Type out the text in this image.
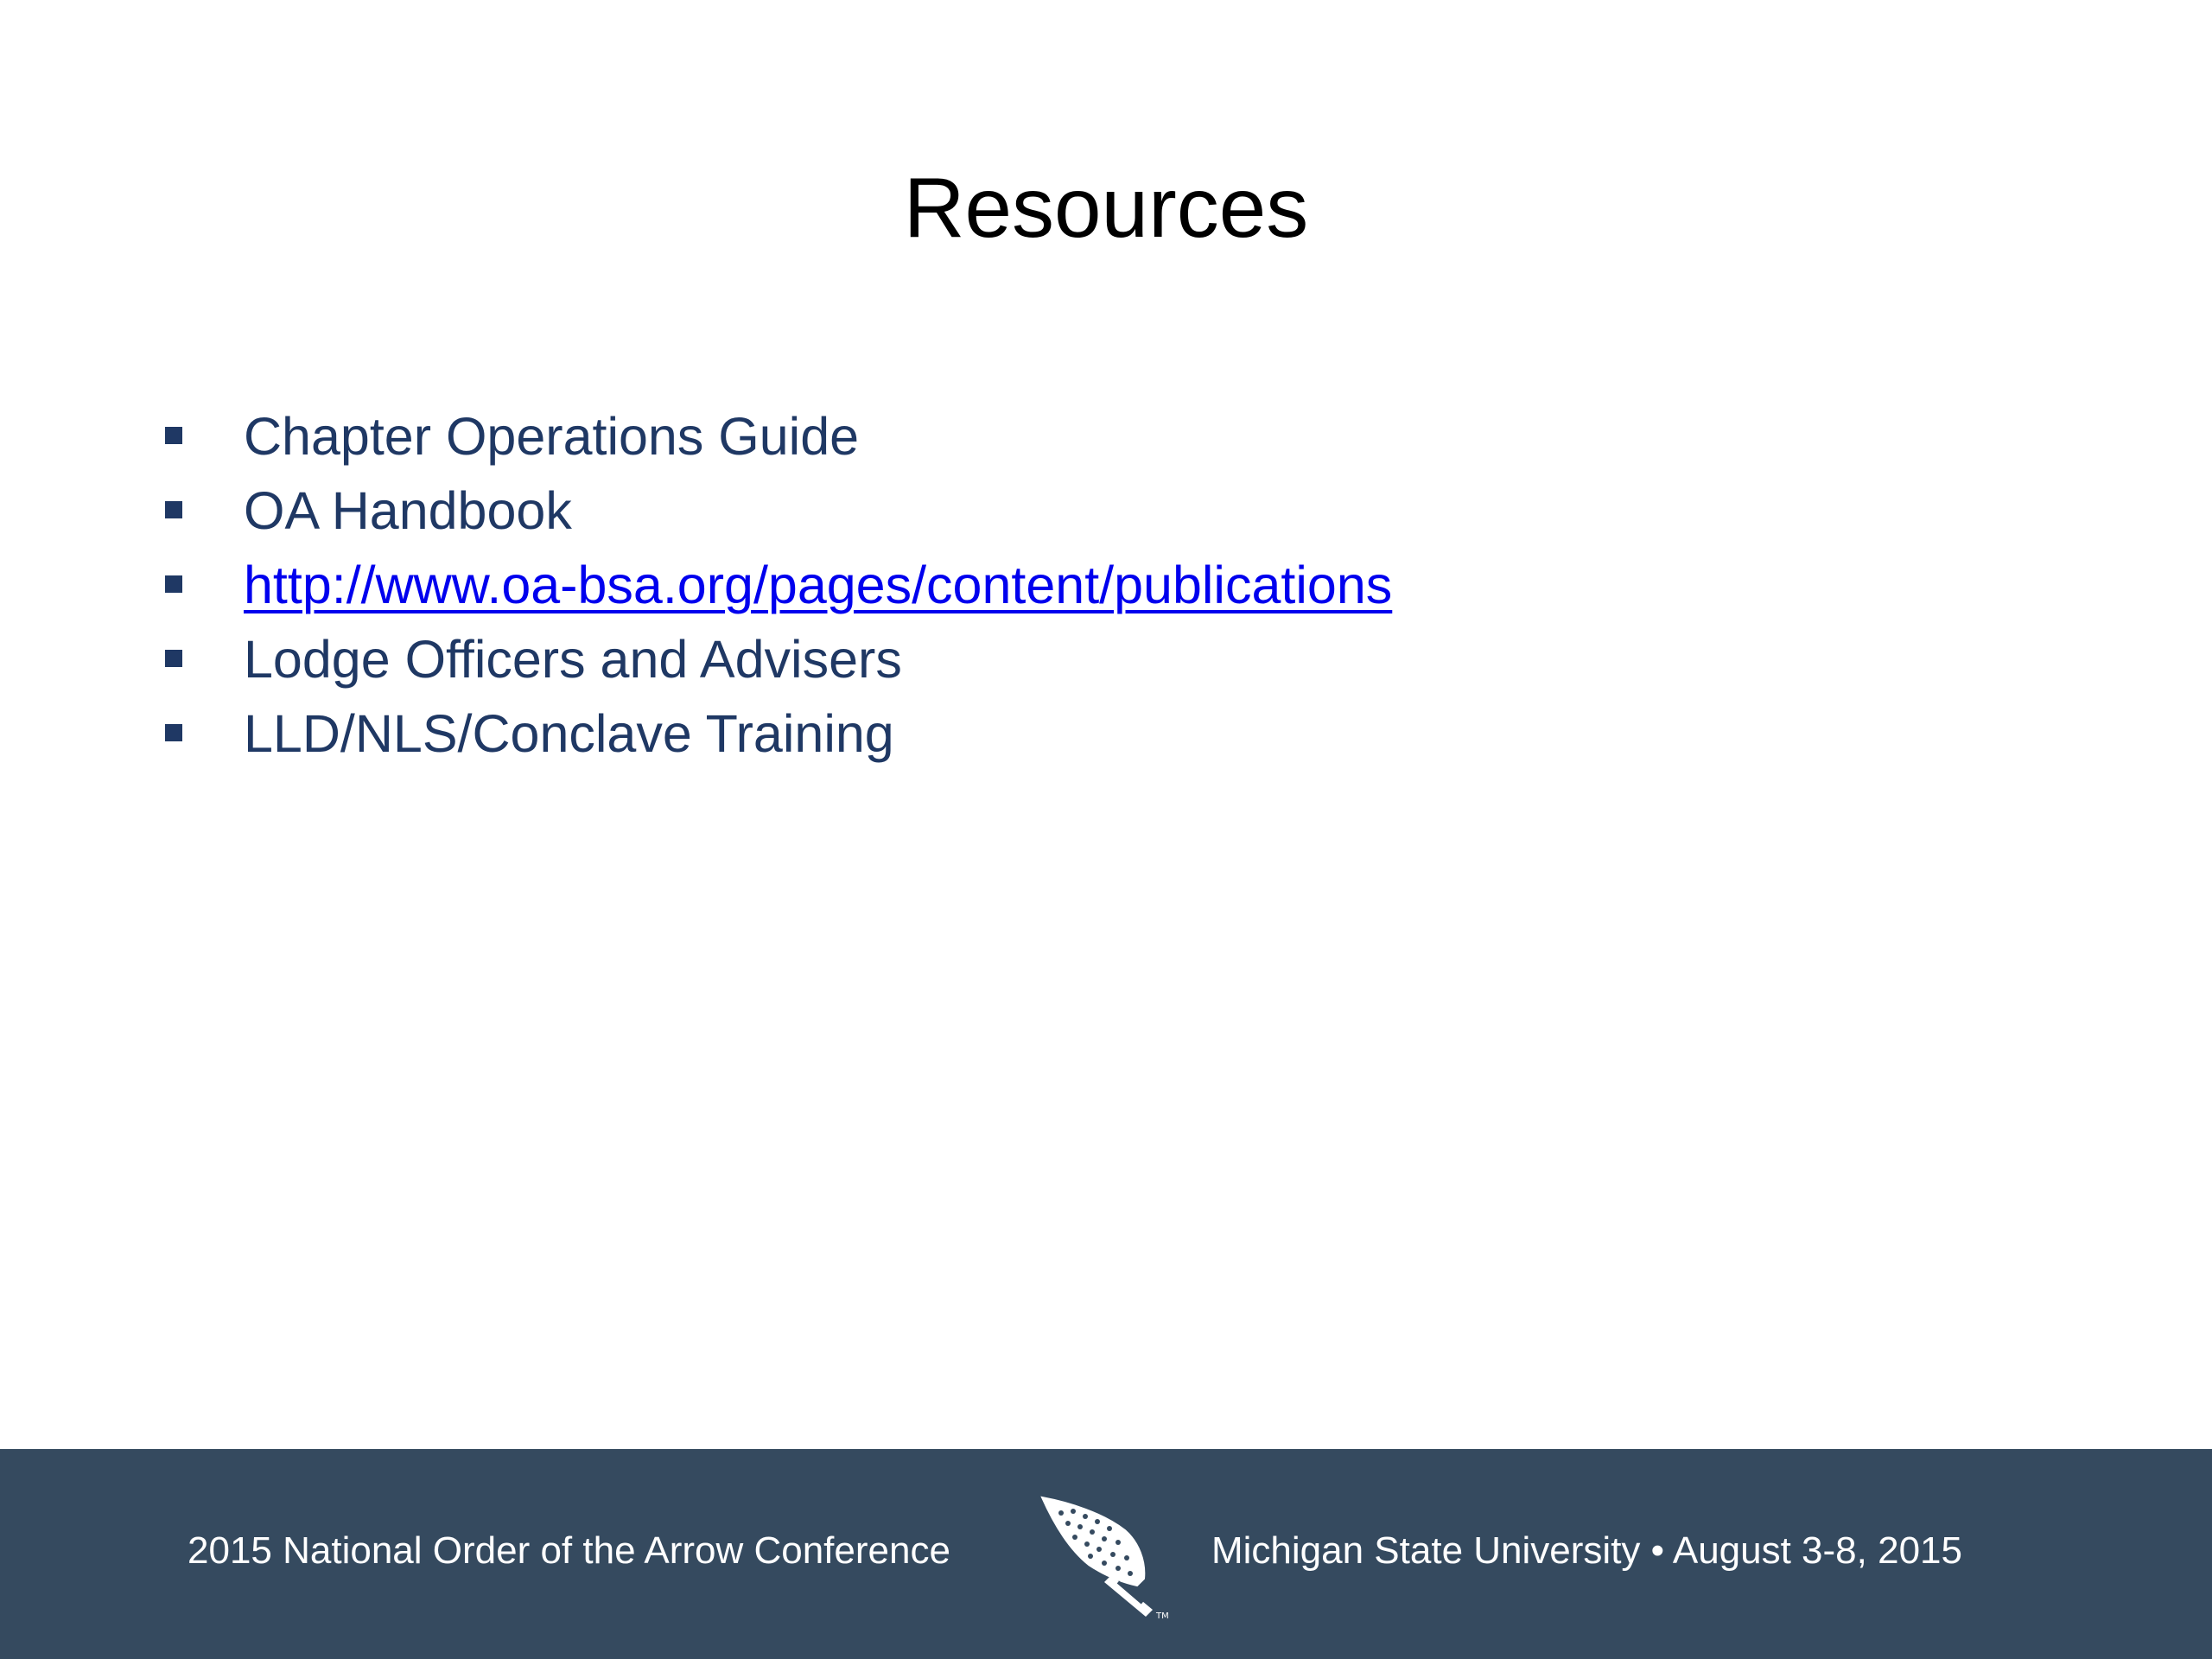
Resources
Chapter Operations Guide
OA Handbook
http://www.oa-bsa.org/pages/content/publications
Lodge Officers and Advisers
LLD/NLS/Conclave Training
2015 National Order of the Arrow Conference
TM
Michigan State University • August 3-8, 2015
